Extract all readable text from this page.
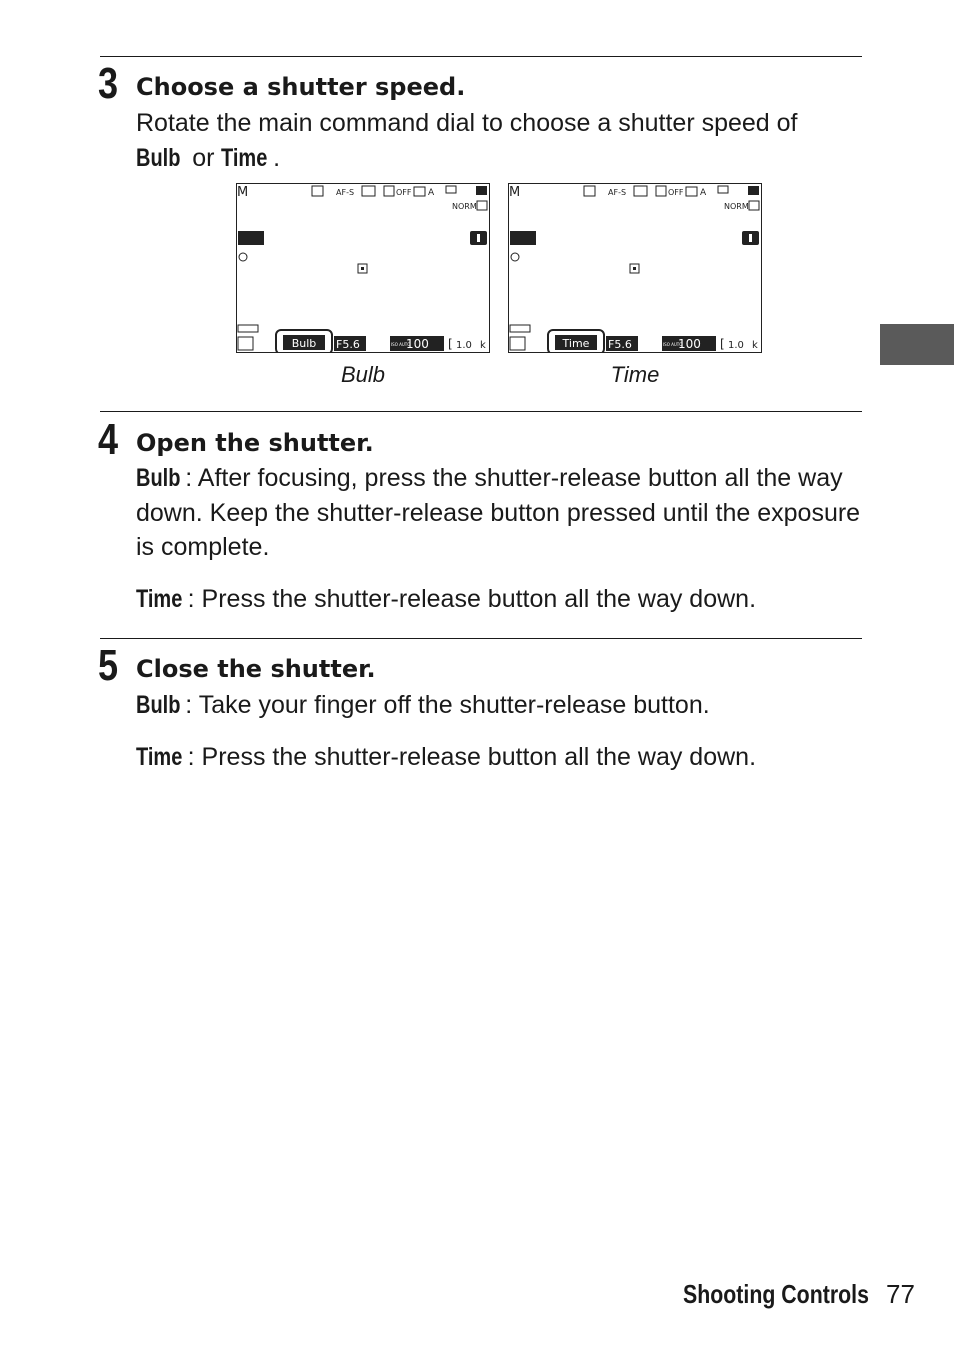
3 Choose a shutter speed.
Rotate the main command dial to choose a shutter speed of
Bulb or Time .
M	AF-S	OFF A
NORM
Bulb F5.6	ISO AUTO
100 [ 1.0 k
Bulb
M	AF-S	OFF A
NORM
Time F5.6	ISO AUTO
100 [ 1.0 k
Time
4 Open the shutter.
Bulb : After focusing, press the shutter-release button all the way down. Keep the shutter-release button pressed until the exposure is complete.
Time : Press the shutter-release button all the way down.
5 Close the shutter.
Bulb : Take your finger off the shutter-release button.
Time : Press the shutter-release button all the way down.
Shooting Controls 77
